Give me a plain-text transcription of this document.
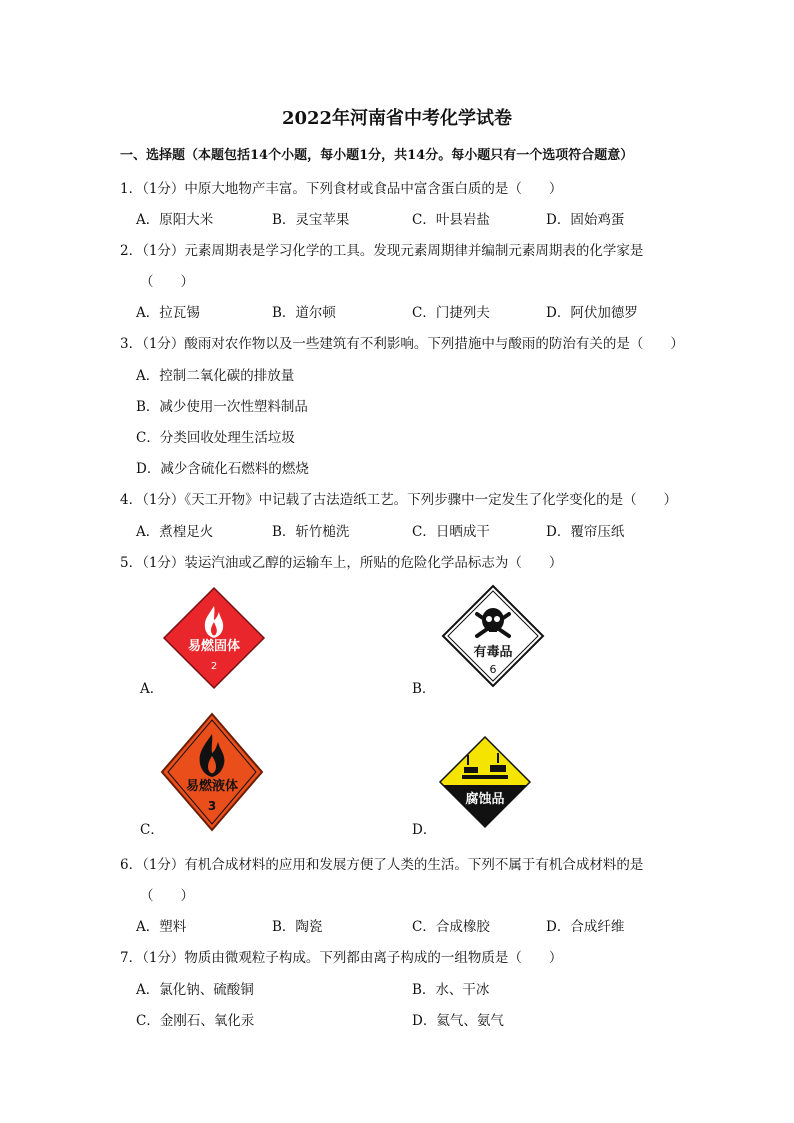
2022年河南省中考化学试卷
一、选择题（本题包括14个小题，每小题1分，共14分。每小题只有一个选项符合题意）
1．（1分）中原大地物产丰富。下列食材或食品中富含蛋白质的是（　　）
A．原阳大米	B．灵宝苹果	C．叶县岩盐	D．固始鸡蛋
2．（1分）元素周期表是学习化学的工具。发现元素周期律并编制元素周期表的化学家是
（　　）
A．拉瓦锡	B．道尔顿	C．门捷列夫	D．阿伏加德罗
3．（1分）酸雨对农作物以及一些建筑有不利影响。下列措施中与酸雨的防治有关的是（　　）
A．控制二氧化碳的排放量
B．减少使用一次性塑料制品
C．分类回收处理生活垃圾
D．减少含硫化石燃料的燃烧
4．（1分）《天工开物》中记载了古法造纸工艺。下列步骤中一定发生了化学变化的是（　　）
A．煮楻足火	B．斩竹槌洗	C．日晒成干	D．覆帘压纸
5．（1分）装运汽油或乙醇的运输车上，所贴的危险化学品标志为（　　）
易燃固体
2
A．
有毒品
6
B．
易燃液体
3
C．
腐蚀品
D．
6．（1分）有机合成材料的应用和发展方便了人类的生活。下列不属于有机合成材料的是
（　　）
A．塑料	B．陶瓷	C．合成橡胶	D．合成纤维
7．（1分）物质由微观粒子构成。下列都由离子构成的一组物质是（　　）
A．氯化钠、硫酸铜	B．水、干冰
C．金刚石、氧化汞	D．氦气、氨气
